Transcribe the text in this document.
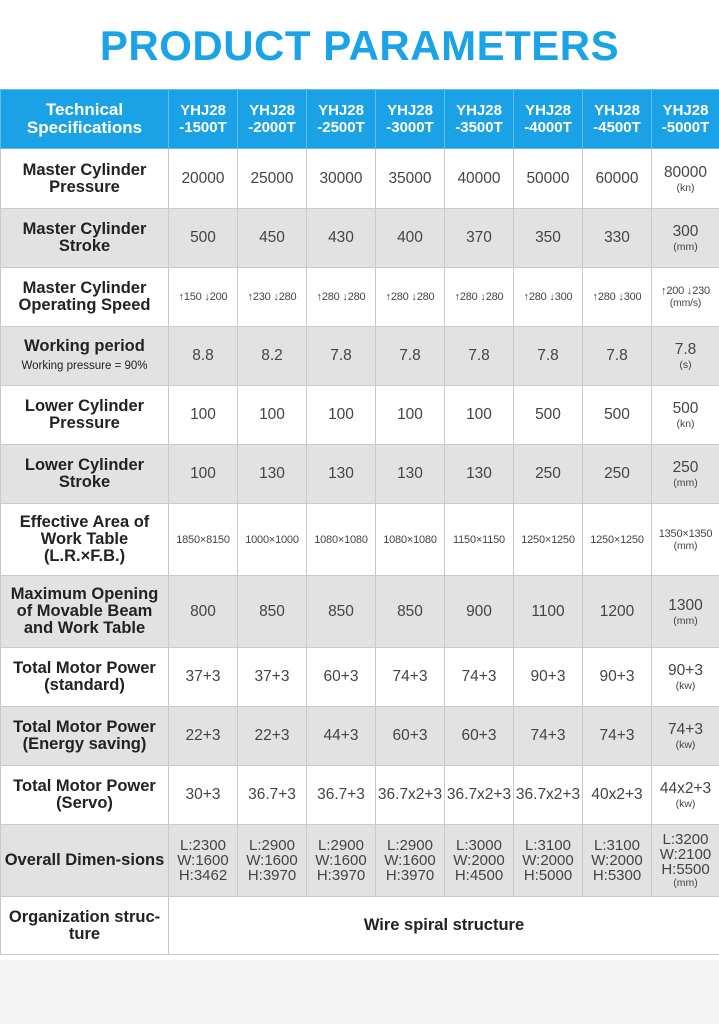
PRODUCT PARAMETERS
Technical Specifications	YHJ28 -1500T	YHJ28 -2000T	YHJ28 -2500T	YHJ28 -3000T	YHJ28 -3500T	YHJ28 -4000T	YHJ28 -4500T	YHJ28 -5000T
Master Cylinder Pressure	20000	25000	30000	35000	40000	50000	60000	80000
(kn)

Master Cylinder Stroke	500	450	430	400	370	350	330	300
(mm)

Master Cylinder Operating Speed	↑150 ↓200	↑230 ↓280	↑280 ↓280	↑280 ↓280	↑280 ↓280	↑280 ↓300	↑280 ↓300	↑200 ↓230
(mm/s)

Working period
Working pressure = 90%	8.8	8.2	7.8	7.8	7.8	7.8	7.8	7.8
(s)

Lower Cylinder Pressure	100	100	100	100	100	500	500	500
(kn)

Lower Cylinder Stroke	100	130	130	130	130	250	250	250
(mm)

Effective Area of Work Table (L.R.×F.B.)	1850×8150	1000×1000	1080×1080	1080×1080	1150×1150	1250×1250	1250×1250	1350×1350
(mm)

Maximum Opening of Movable Beam and Work Table	800	850	850	850	900	1100	1200	1300
(mm)

Total Motor Power (standard)	37+3	37+3	60+3	74+3	74+3	90+3	90+3	90+3
(kw)

Total Motor Power (Energy saving)	22+3	22+3	44+3	60+3	60+3	74+3	74+3	74+3
(kw)

Total Motor Power (Servo)	30+3	36.7+3	36.7+3	36.7x2+3	36.7x2+3	36.7x2+3	40x2+3	44x2+3
(kw)

Overall Dimen-sions	L:2300
W:1600
H:3462	L:2900
W:1600
H:3970	L:2900
W:1600
H:3970	L:2900
W:1600
H:3970	L:3000
W:2000
H:4500	L:3100
W:2000
H:5000	L:3100
W:2000
H:5300	L:3200
W:2100
H:5500
(mm)

Organization struc-ture	Wire spiral structure							
